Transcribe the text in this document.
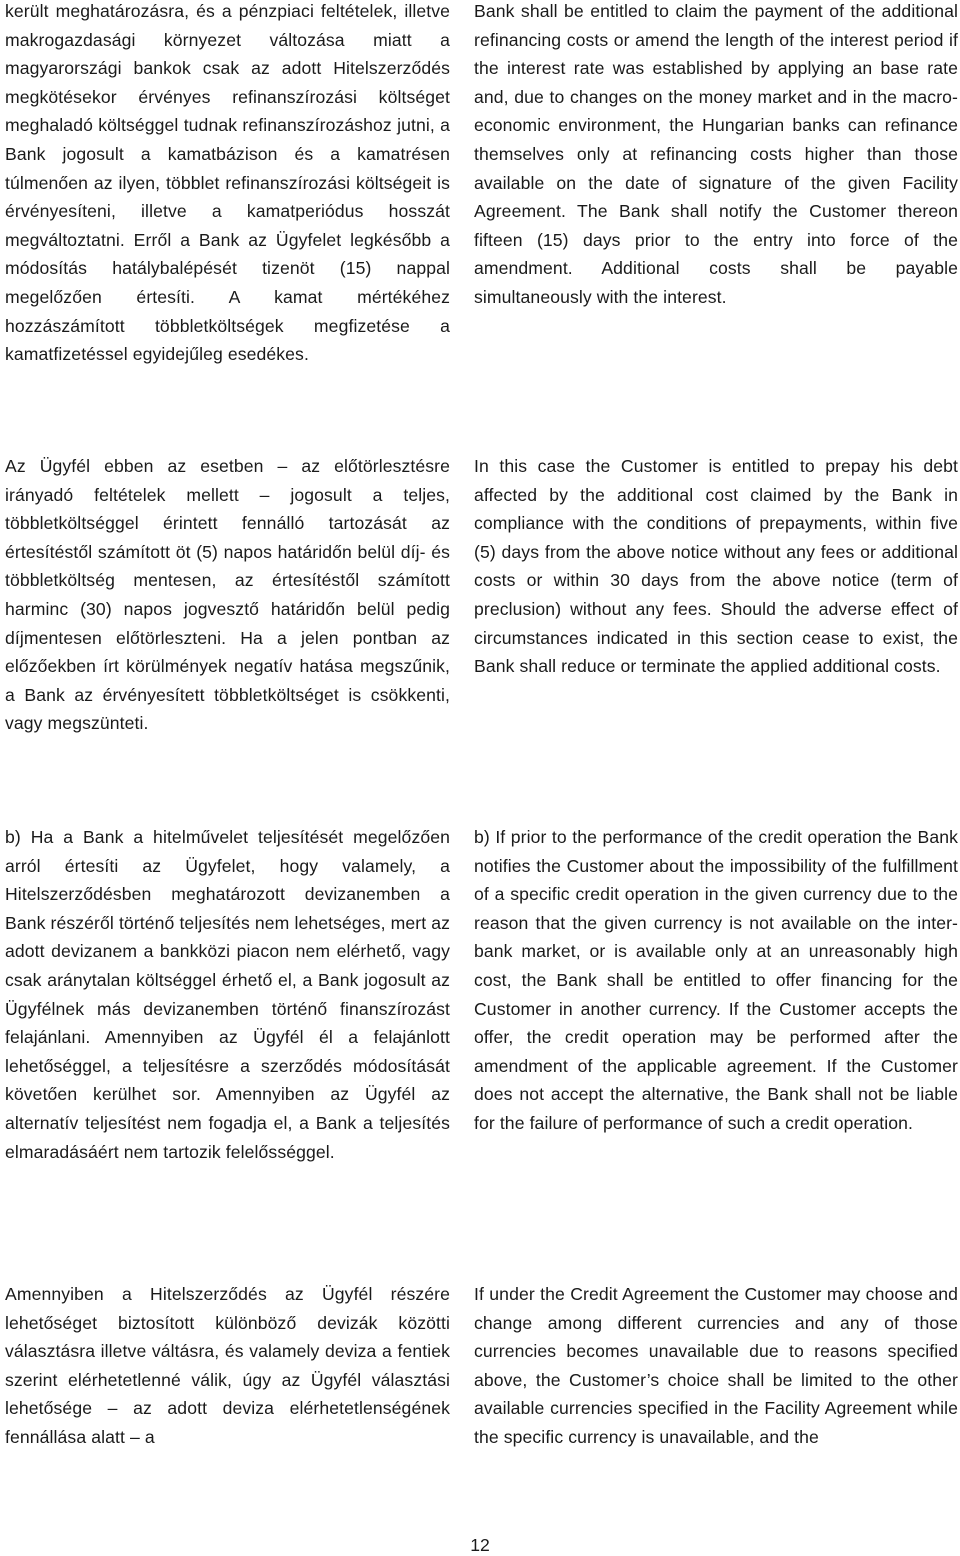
került meghatározásra, és a pénzpiaci feltételek, illetve makrogazdasági környezet változása miatt a magyarországi bankok csak az adott Hitelszerződés megkötésekor érvényes refinanszírozási költséget meghaladó költséggel tudnak refinanszírozáshoz jutni, a Bank jogosult a kamatbázison és a kamatrésen túlmenően az ilyen, többlet refinanszírozási költségeit is érvényesíteni, illetve a kamatperiódus hosszát megváltoztatni. Erről a Bank az Ügyfelet legkésőbb a módosítás hatálybalépését tizenöt (15) nappal megelőzően értesíti. A kamat mértékéhez hozzászámított többletköltségek megfizetése a kamatfizetéssel egyidejűleg esedékes.

Az Ügyfél ebben az esetben – az előtörlesztésre irányadó feltételek mellett – jogosult a teljes, többletköltséggel érintett fennálló tartozását az értesítéstől számított öt (5) napos határidőn belül díj- és többletköltség mentesen, az értesítéstől számított harminc (30) napos jogvesztő határidőn belül pedig díjmentesen előtörleszteni. Ha a jelen pontban az előzőekben írt körülmények negatív hatása megszűnik, a Bank az érvényesített többletköltséget is csökkenti, vagy megszünteti.

b) Ha a Bank a hitelművelet teljesítését megelőzően arról értesíti az Ügyfelet, hogy valamely, a Hitelszerződésben meghatározott devizanemben a Bank részéről történő teljesítés nem lehetséges, mert az adott devizanem a bankközi piacon nem elérhető, vagy csak aránytalan költséggel érhető el, a Bank jogosult az Ügyfélnek más devizanemben történő finanszírozást felajánlani. Amennyiben az Ügyfél él a felajánlott lehetőséggel, a teljesítésre a szerződés módosítását követően kerülhet sor. Amennyiben az Ügyfél az alternatív teljesítést nem fogadja el, a Bank a teljesítés elmaradásáért nem tartozik felelősséggel.

Amennyiben a Hitelszerződés az Ügyfél részére lehetőséget biztosított különböző devizák közötti választásra illetve váltásra, és valamely deviza a fentiek szerint elérhetetlenné válik, úgy az Ügyfél választási lehetősége – az adott deviza elérhetetlenségének fennállása alatt – a

Bank shall be entitled to claim the payment of the additional refinancing costs or amend the length of the interest period if the interest rate was established by applying an base rate and, due to changes on the money market and in the macro-economic environment, the Hungarian banks can refinance themselves only at refinancing costs higher than those available on the date of signature of the given Facility Agreement. The Bank shall notify the Customer thereon fifteen (15) days prior to the entry into force of the amendment. Additional costs shall be payable simultaneously with the interest.

In this case the Customer is entitled to prepay his debt affected by the additional cost claimed by the Bank in compliance with the conditions of prepayments, within five (5) days from the above notice without any fees or additional costs or within 30 days from the above notice (term of preclusion) without any fees. Should the adverse effect of circumstances indicated in this section cease to exist, the Bank shall reduce or terminate the applied additional costs.

b) If prior to the performance of the credit operation the Bank notifies the Customer about the impossibility of the fulfillment of a specific credit operation in the given currency due to the reason that the given currency is not available on the inter-bank market, or is available only at an unreasonably high cost, the Bank shall be entitled to offer financing for the Customer in another currency. If the Customer accepts the offer, the credit operation may be performed after the amendment of the applicable agreement. If the Customer does not accept the alternative, the Bank shall not be liable for the failure of performance of such a credit operation.

If under the Credit Agreement the Customer may choose and change among different currencies and any of those currencies becomes unavailable due to reasons specified above, the Customer’s choice shall be limited to the other available currencies specified in the Facility Agreement while the specific currency is unavailable, and the

12
